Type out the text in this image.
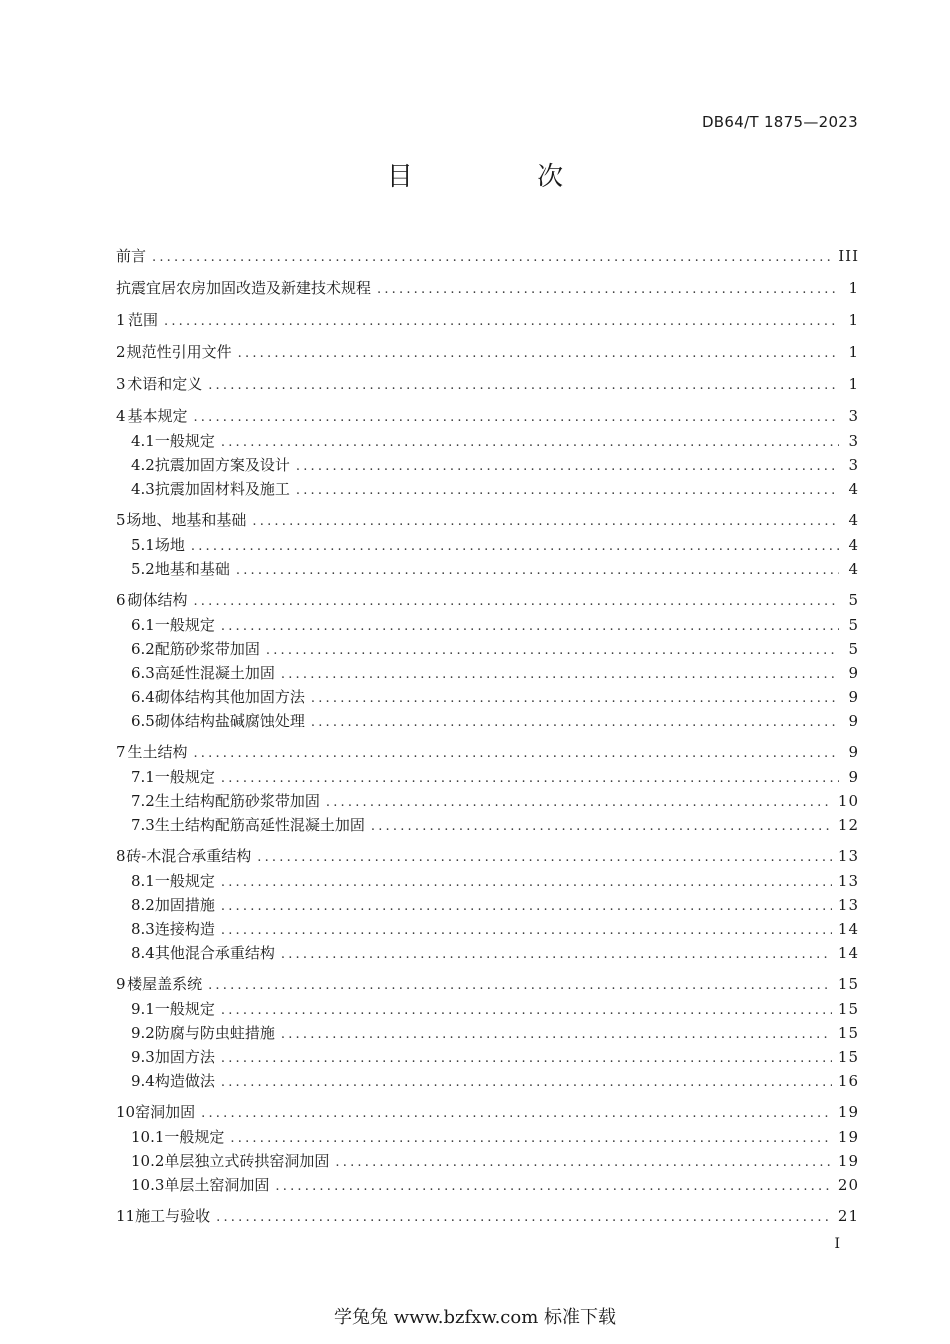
DB64/T 1875—2023
目 次
前言 .....	III
抗震宜居农房加固改造及新建技术规程 .....	1
1 范围 .....	1
2 规范性引用文件 .....	1
3 术语和定义 .....	1
4 基本规定 .....	3
4.1 一般规定 .....	3
4.2 抗震加固方案及设计 .....	3
4.3 抗震加固材料及施工 .....	4
5 场地、地基和基础 .....	4
5.1 场地 .....	4
5.2 地基和基础 .....	4
6 砌体结构 .....	5
6.1 一般规定 .....	5
6.2 配筋砂浆带加固 .....	5
6.3 高延性混凝土加固 .....	9
6.4 砌体结构其他加固方法 .....	9
6.5 砌体结构盐碱腐蚀处理 .....	9
7 生土结构 .....	9
7.1 一般规定 .....	9
7.2 生土结构配筋砂浆带加固 .....	10
7.3 生土结构配筋高延性混凝土加固 .....	12
8 砖-木混合承重结构 .....	13
8.1 一般规定 .....	13
8.2 加固措施 .....	13
8.3 连接构造 .....	14
8.4 其他混合承重结构 .....	14
9 楼屋盖系统 .....	15
9.1 一般规定 .....	15
9.2 防腐与防虫蛀措施 .....	15
9.3 加固方法 .....	15
9.4 构造做法 .....	16
10 窑洞加固 .....	19
10.1 一般规定 .....	19
10.2 单层独立式砖拱窑洞加固 .....	19
10.3 单层土窑洞加固 .....	20
11 施工与验收 .....	21
I
学兔兔 www.bzfxw.com 标准下载
